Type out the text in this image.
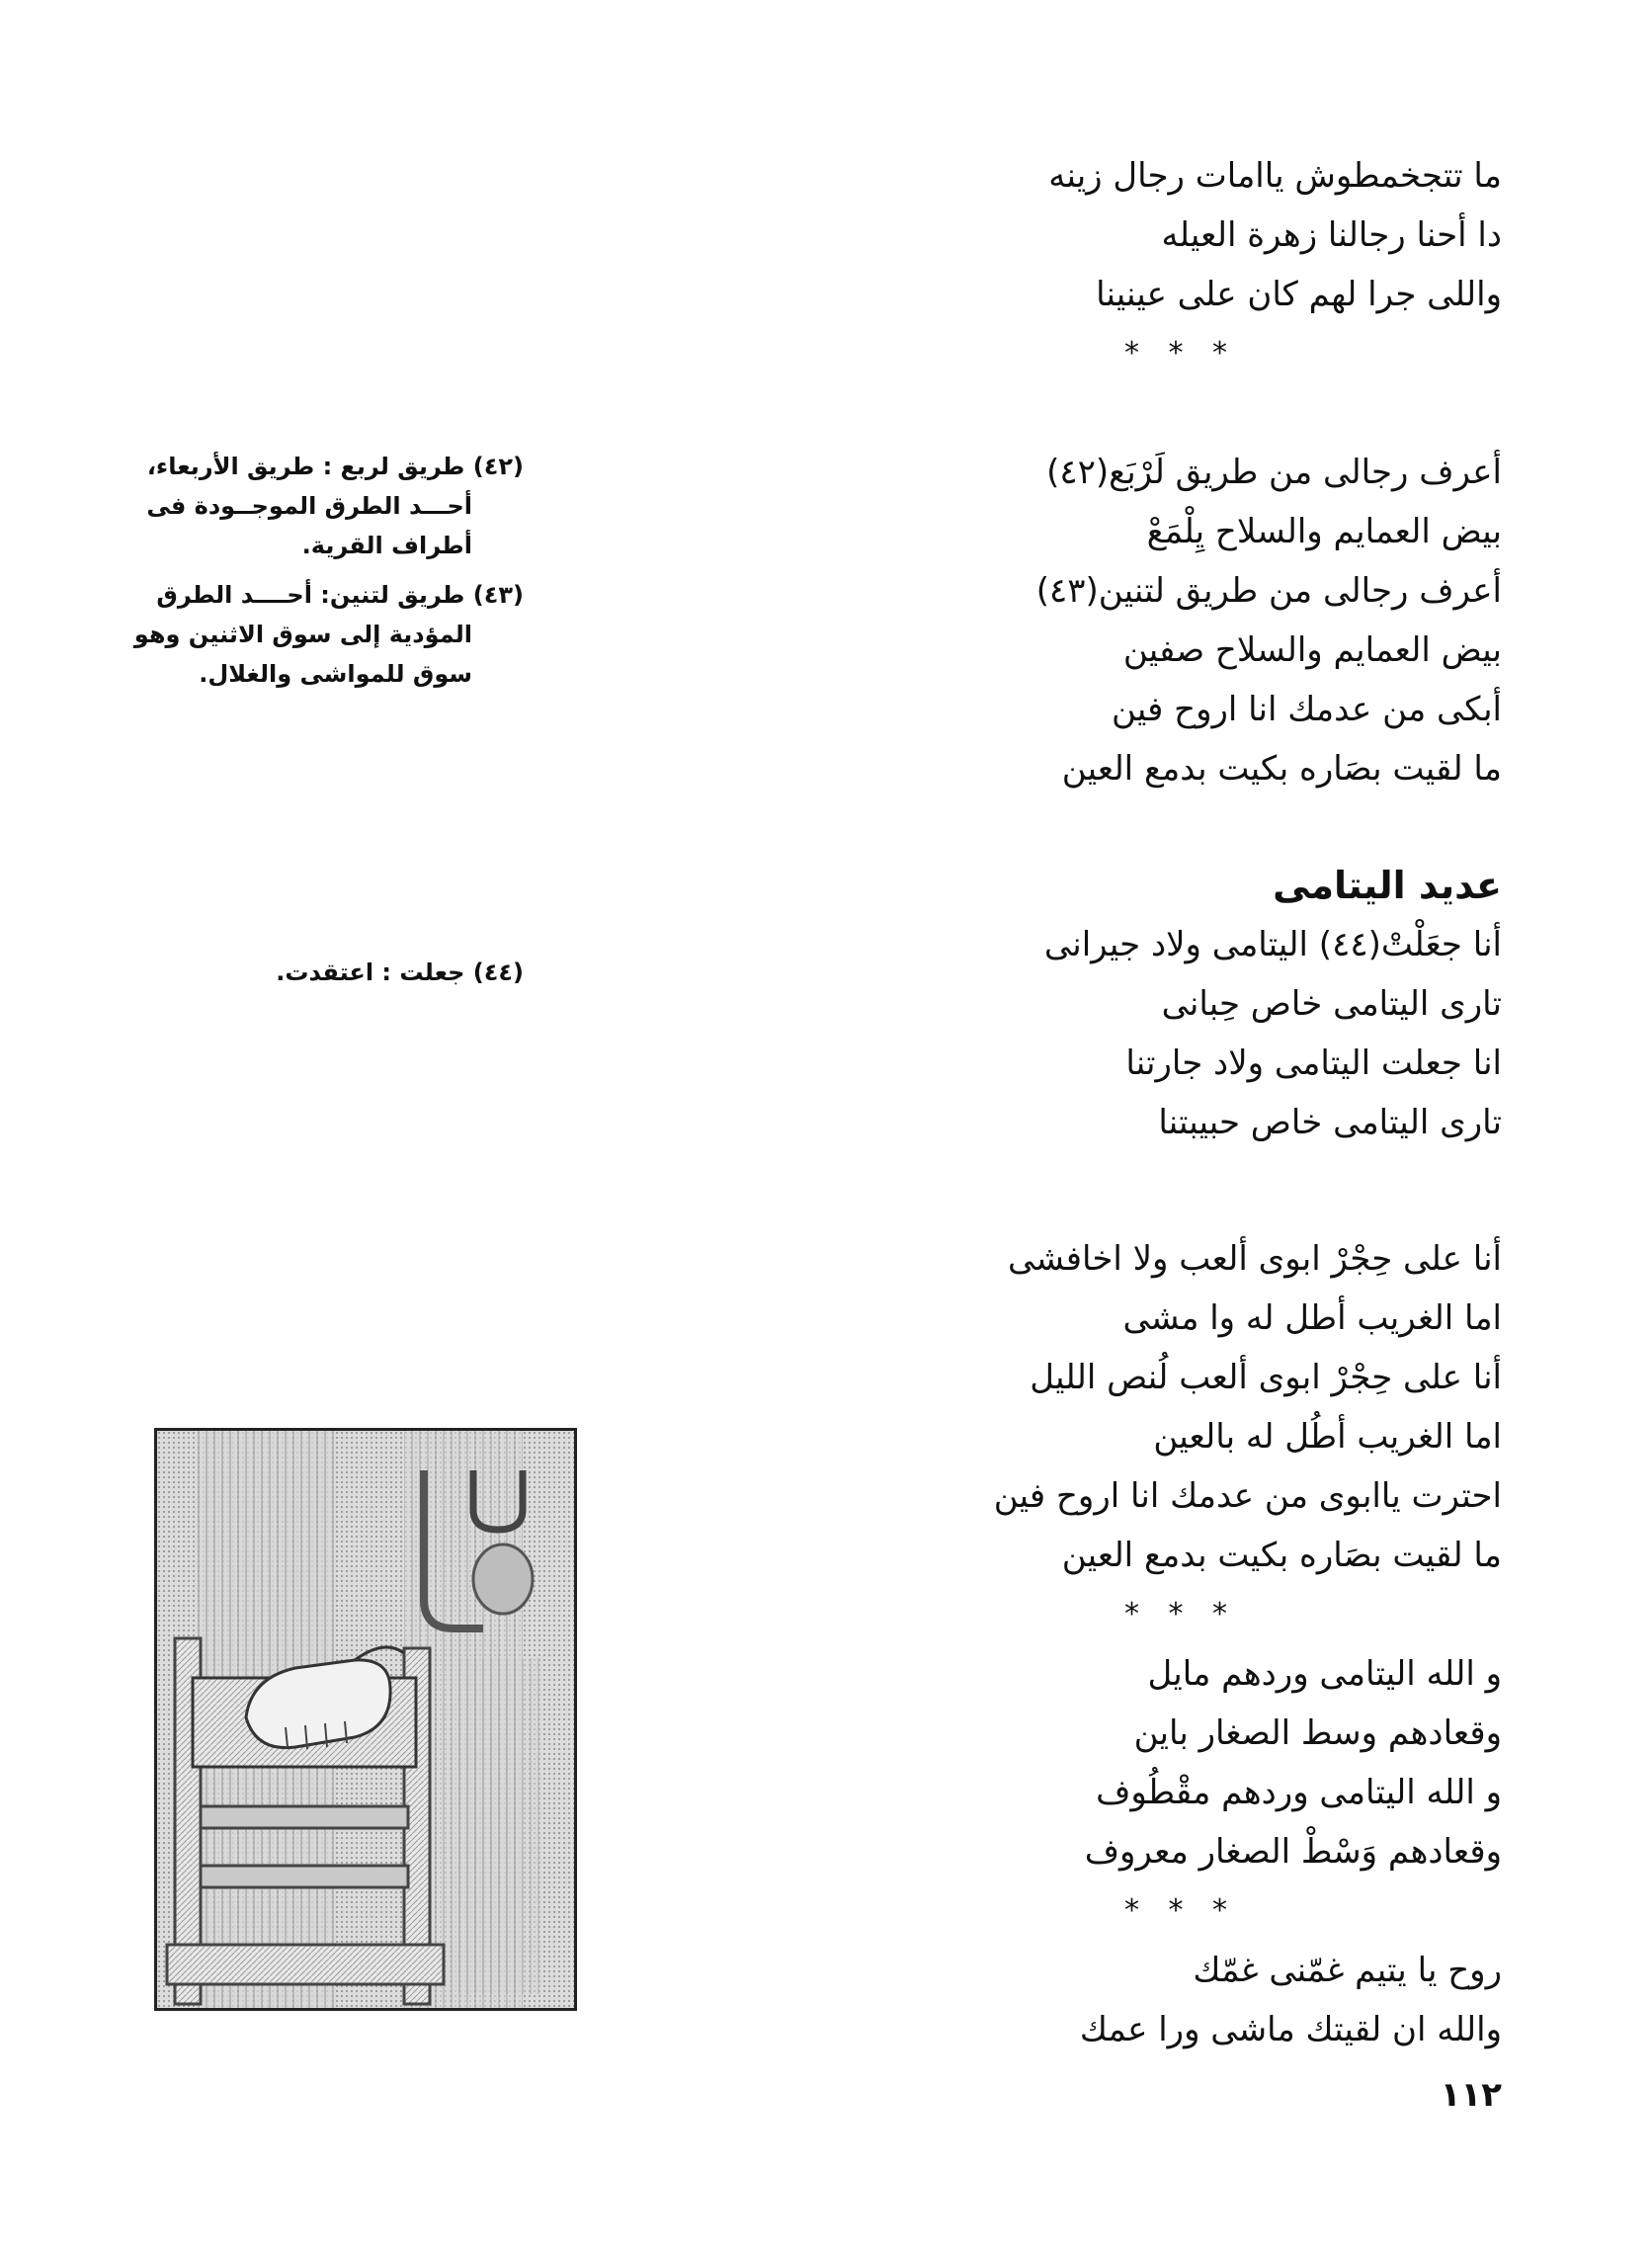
ما تتجخمطوش ياامات رجال زينه
دا أحنا رجالنا زهرة العيله
واللى جرا لهم كان على عينينا
* * *
أعرف رجالى من طريق لَرْبَع(٤٢)
بيض العمايم والسلاح يِلْمَعْ
أعرف رجالى من طريق لتنين(٤٣)
بيض العمايم والسلاح صفين
أبكى من عدمك انا اروح فين
ما لقيت بصَاره بكيت بدمع العين
عديد اليتامى
أنا جعَلْتْ(٤٤) اليتامى ولاد جيرانى
تارى اليتامى خاص حِبانى
انا جعلت اليتامى ولاد جارتنا
تارى اليتامى خاص حبيبتنا
أنا على حِجْرْ ابوى ألعب ولا اخافشى
اما الغريب أطل له وا مشى
أنا على حِجْرْ ابوى ألعب لُنص الليل
اما الغريب أطُل له بالعين
احترت ياابوى من عدمك انا اروح فين
ما لقيت بصَاره بكيت بدمع العين
* * *
و الله اليتامى وردهم مايل
وقعادهم وسط الصغار باين
و الله اليتامى وردهم مقْطُوف
وقعادهم وَسْطْ الصغار معروف
* * *
روح يا يتيم غمّنى غمّك
والله ان لقيتك ماشى ورا عمك
(٤٢) طريق لربع : طريق الأربعاء،
أحـــد الطرق الموجــودة فى
أطراف القرية.
(٤٣) طريق لتنين: أحــــد الطرق
المؤدية إلى سوق الاثنين وهو
سوق للمواشى والغلال.
(٤٤) جعلت : اعتقدت.
١١٢
